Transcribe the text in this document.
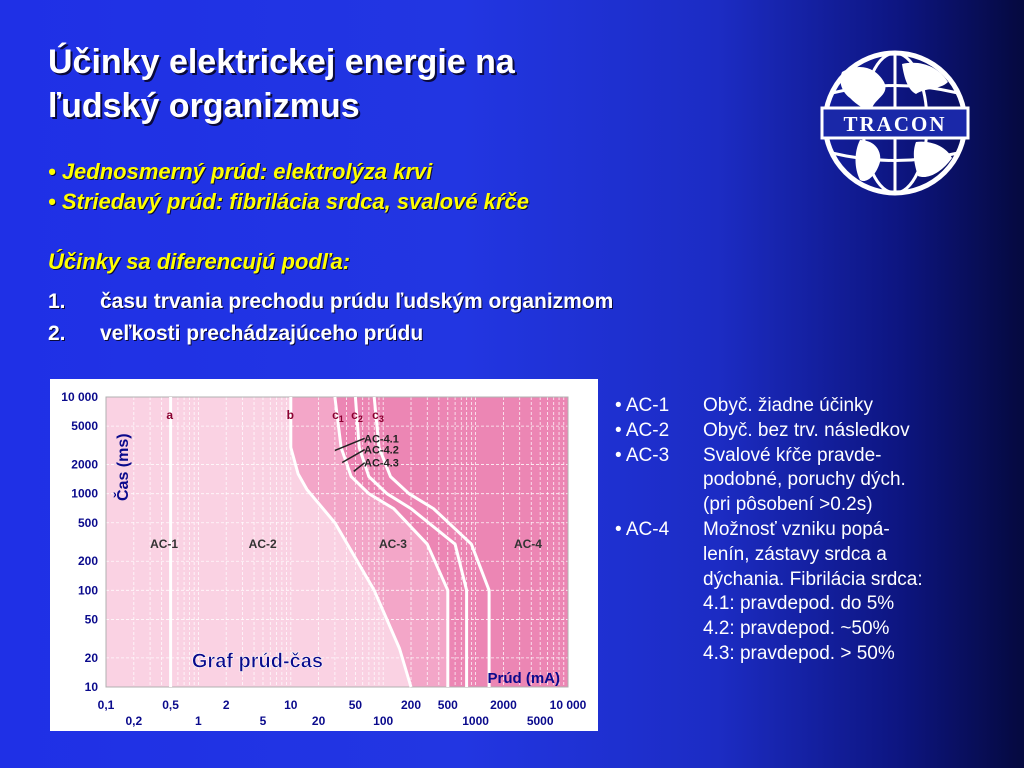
Účinky elektrickej energie na
ľudský organizmus
• Jednosmerný prúd: elektrolýza krvi
• Striedavý prúd: fibrilácia srdca, svalové kŕče
Účinky sa diferencujú podľa:
1.	času trvania prechodu prúdu ľudským organizmom
2.	veľkosti prechádzajúceho prúdu
TRACON
10 000
5000
2000
1000
500
200
100
50
20
10
0,1	0,5	2	10	50	200 500	2000	10 000
0,2	1	5	20	100	1000	5000
a	b	$c_1$ $c_2$ $c_3$
AC-1	AC-2	AC-3	AC-4
AC-4.1
AC-4.2
AC-4.3
Čas (ms)
Prúd (mA)
Graf prúd-čas
• AC-1	Obyč. žiadne účinky
• AC-2	Obyč. bez trv. následkov
• AC-3	Svalové kŕče pravde-
podobné, poruchy dých.
(pri pôsobení >0.2s)
• AC-4	Možnosť vzniku popá-
lenín, zástavy srdca a
dýchania. Fibrilácia srdca:
4.1: pravdepod. do 5%
4.2: pravdepod. ~50%
4.3: pravdepod. > 50%
